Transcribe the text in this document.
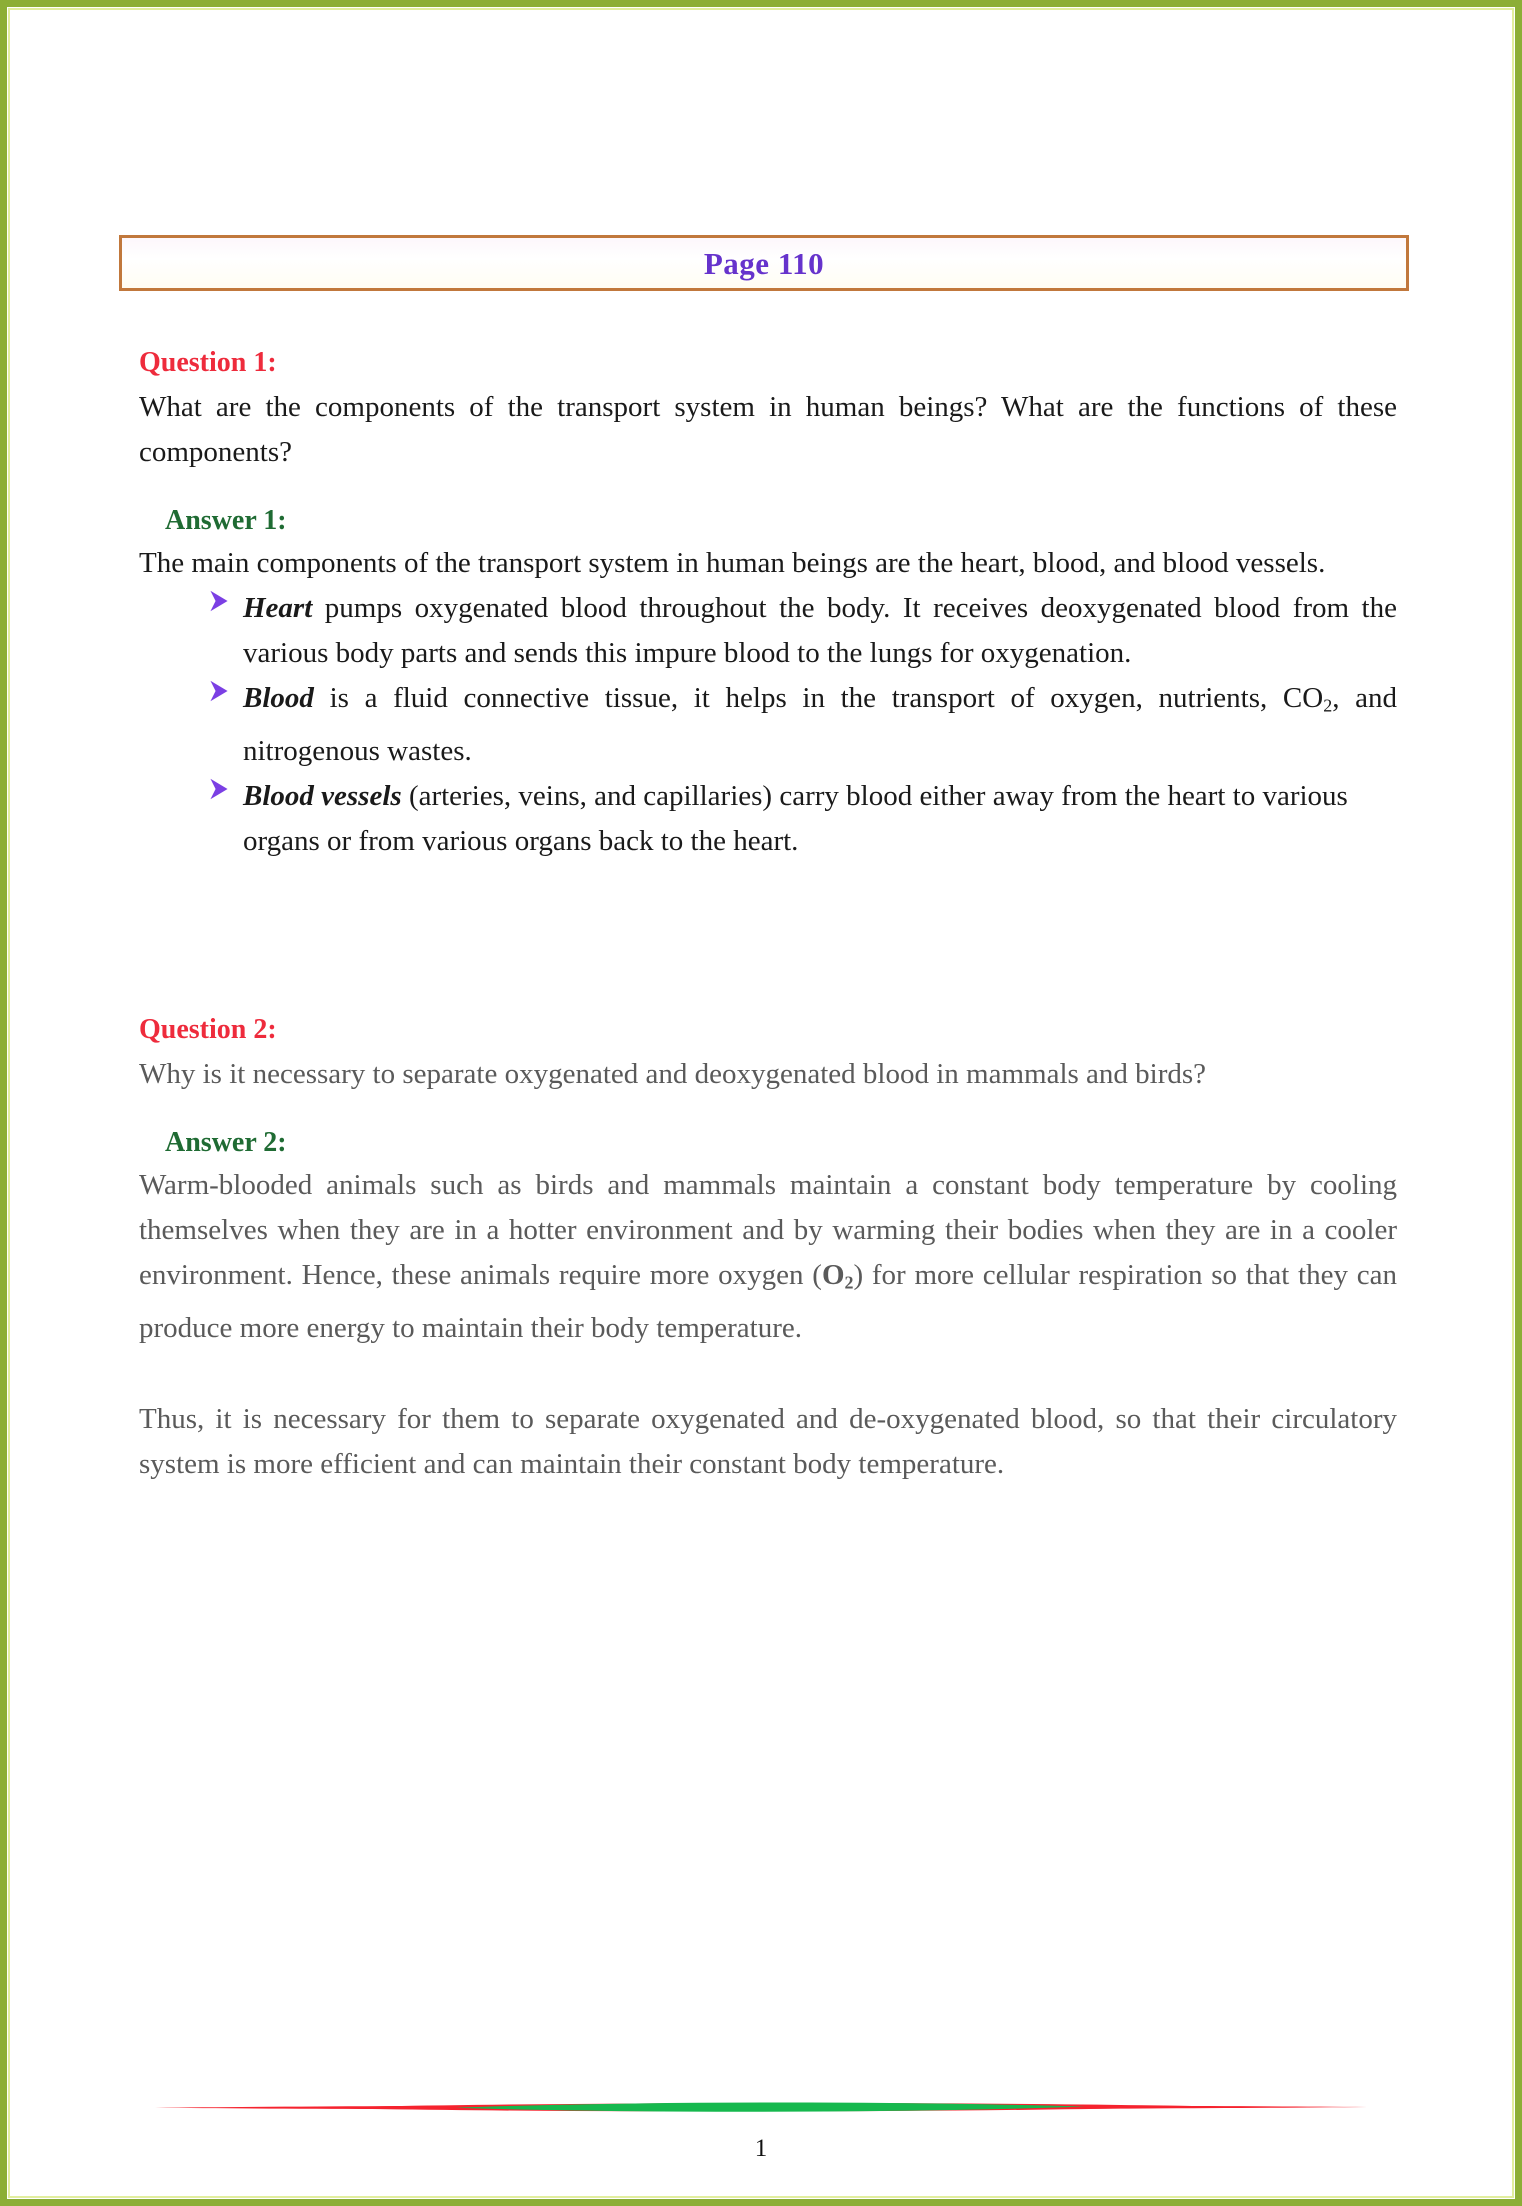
Page 110
Question 1:

What are the components of the transport system in human beings? What are the functions of these components?

Answer 1:

The main components of the transport system in human beings are the heart, blood, and blood vessels.

Heart pumps oxygenated blood throughout the body. It receives deoxygenated blood from the various body parts and sends this impure blood to the lungs for oxygenation.
Blood is a fluid connective tissue, it helps in the transport of oxygen, nutrients, $CO_2$, and nitrogenous wastes.
Blood vessels (arteries, veins, and capillaries) carry blood either away from the heart to various organs or from various organs back to the heart.
Question 2:

Why is it necessary to separate oxygenated and deoxygenated blood in mammals and birds?

Answer 2:

Warm-blooded animals such as birds and mammals maintain a constant body temperature by cooling themselves when they are in a hotter environment and by warming their bodies when they are in a cooler environment. Hence, these animals require more oxygen $(O_2)$ for more cellular respiration so that they can produce more energy to maintain their body temperature.

Thus, it is necessary for them to separate oxygenated and de-oxygenated blood, so that their circulatory system is more efficient and can maintain their constant body temperature.

1
